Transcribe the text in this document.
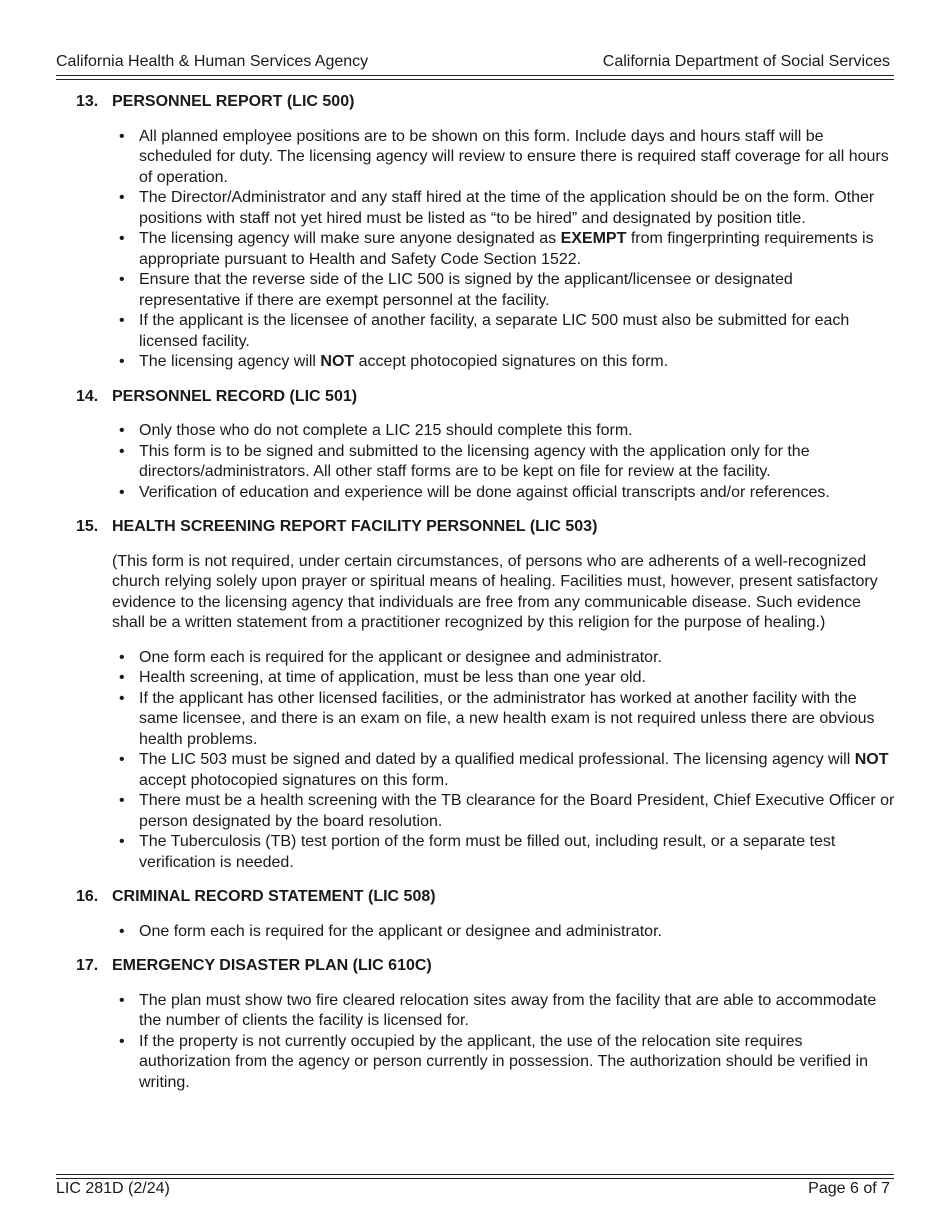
California Health & Human Services Agency	California Department of Social Services
13. PERSONNEL REPORT (LIC 500)
• All planned employee positions are to be shown on this form. Include days and hours staff will be scheduled for duty. The licensing agency will review to ensure there is required staff coverage for all hours of operation.
• The Director/Administrator and any staff hired at the time of the application should be on the form. Other positions with staff not yet hired must be listed as “to be hired” and designated by position title.
• The licensing agency will make sure anyone designated as EXEMPT from fingerprinting requirements is appropriate pursuant to Health and Safety Code Section 1522.
• Ensure that the reverse side of the LIC 500 is signed by the applicant/licensee or designated representative if there are exempt personnel at the facility.
• If the applicant is the licensee of another facility, a separate LIC 500 must also be submitted for each licensed facility.
• The licensing agency will NOT accept photocopied signatures on this form.
14. PERSONNEL RECORD (LIC 501)
• Only those who do not complete a LIC 215 should complete this form.
• This form is to be signed and submitted to the licensing agency with the application only for the directors/administrators. All other staff forms are to be kept on file for review at the facility.
• Verification of education and experience will be done against official transcripts and/or references.
15. HEALTH SCREENING REPORT FACILITY PERSONNEL (LIC 503)
(This form is not required, under certain circumstances, of persons who are adherents of a well-recognized church relying solely upon prayer or spiritual means of healing. Facilities must, however, present satisfactory evidence to the licensing agency that individuals are free from any communicable disease. Such evidence shall be a written statement from a practitioner recognized by this religion for the purpose of healing.)
• One form each is required for the applicant or designee and administrator.
• Health screening, at time of application, must be less than one year old.
• If the applicant has other licensed facilities, or the administrator has worked at another facility with the same licensee, and there is an exam on file, a new health exam is not required unless there are obvious health problems.
• The LIC 503 must be signed and dated by a qualified medical professional. The licensing agency will NOT accept photocopied signatures on this form.
• There must be a health screening with the TB clearance for the Board President, Chief Executive Officer or person designated by the board resolution.
• The Tuberculosis (TB) test portion of the form must be filled out, including result, or a separate test verification is needed.
16. CRIMINAL RECORD STATEMENT (LIC 508)
• One form each is required for the applicant or designee and administrator.
17. EMERGENCY DISASTER PLAN (LIC 610C)
• The plan must show two fire cleared relocation sites away from the facility that are able to accommodate the number of clients the facility is licensed for.
• If the property is not currently occupied by the applicant, the use of the relocation site requires authorization from the agency or person currently in possession. The authorization should be verified in writing.
LIC 281D (2/24)	Page 6 of 7
